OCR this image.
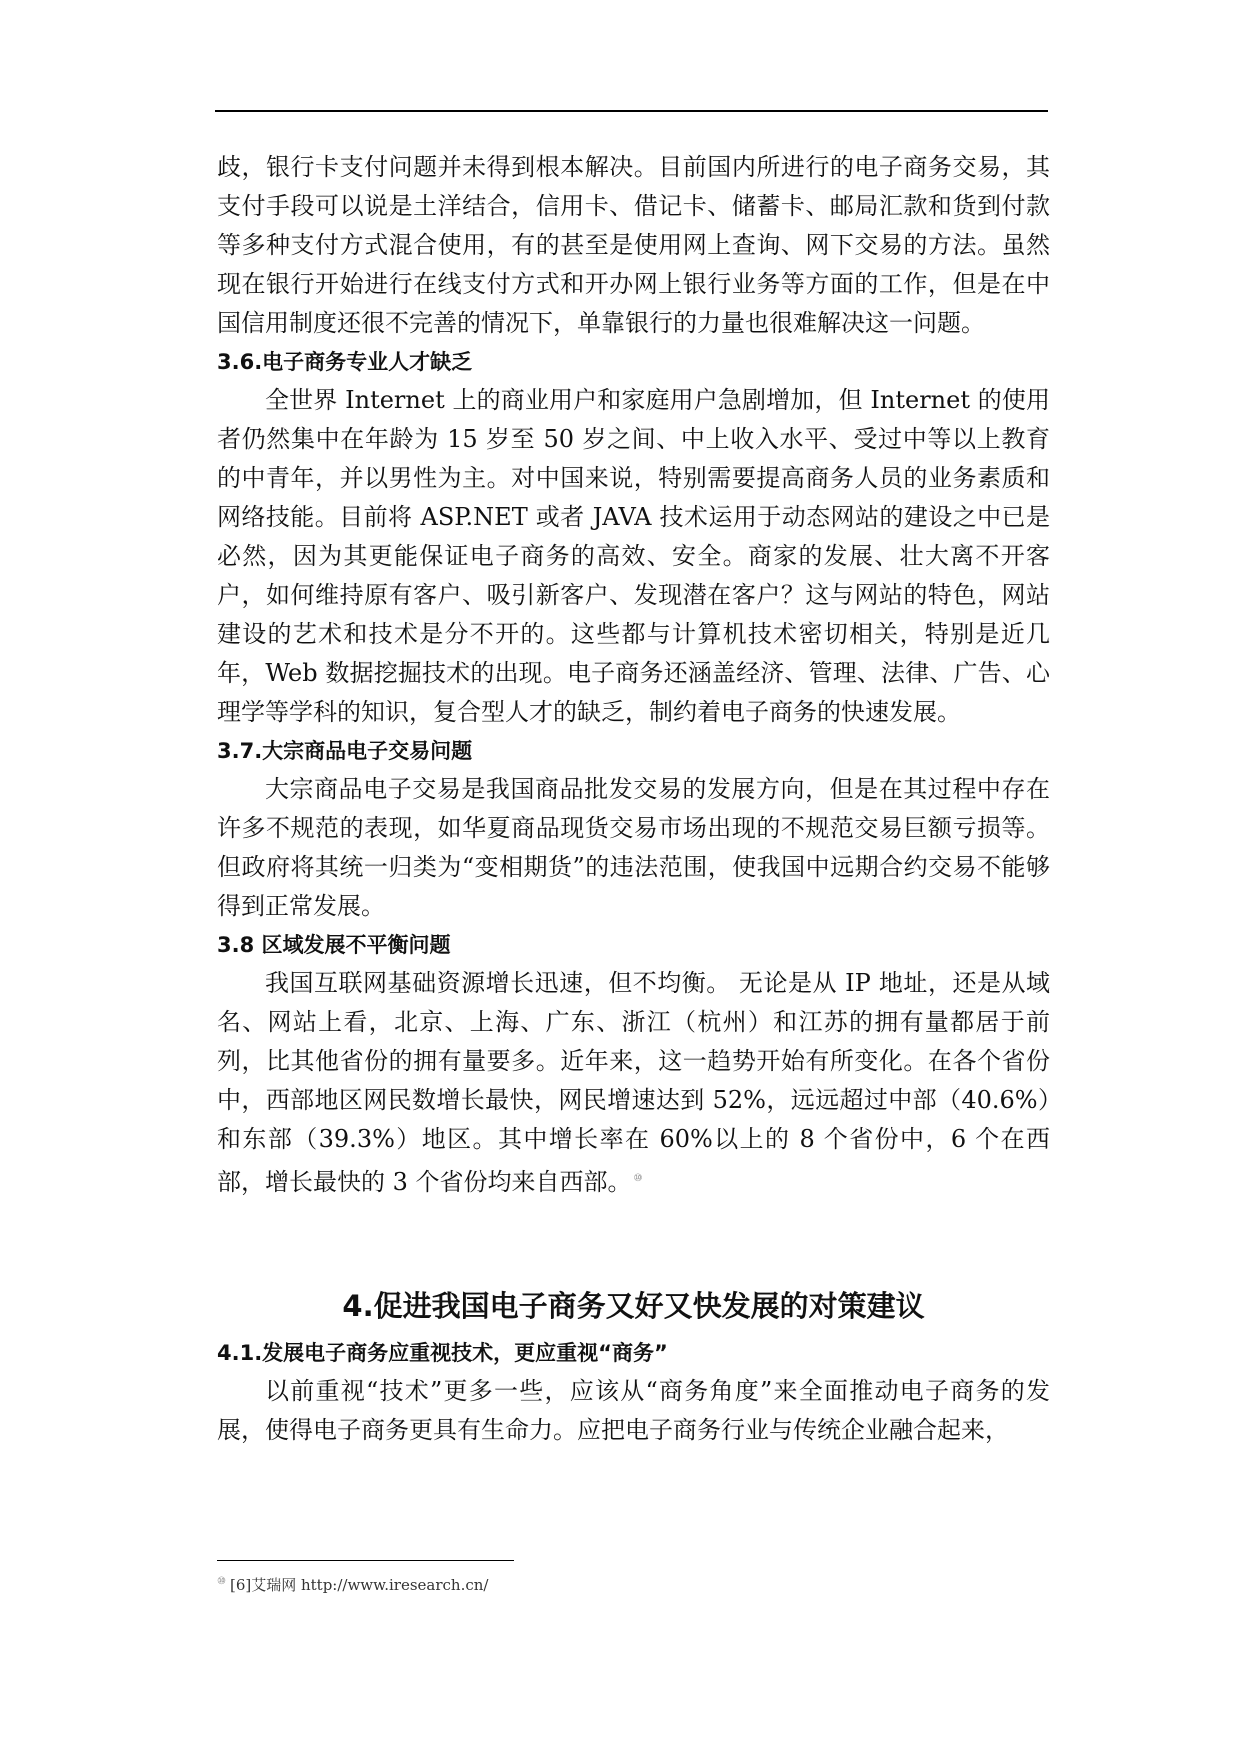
歧，银行卡支付问题并未得到根本解决。目前国内所进行的电子商务交易，其支付手段可以说是土洋结合，信用卡、借记卡、储蓄卡、邮局汇款和货到付款等多种支付方式混合使用，有的甚至是使用网上查询、网下交易的方法。虽然现在银行开始进行在线支付方式和开办网上银行业务等方面的工作，但是在中国信用制度还很不完善的情况下，单靠银行的力量也很难解决这一问题。

3.6.电子商务专业人才缺乏

全世界 Internet 上的商业用户和家庭用户急剧增加，但 Internet 的使用者仍然集中在年龄为 15 岁至 50 岁之间、中上收入水平、受过中等以上教育的中青年，并以男性为主。对中国来说，特别需要提高商务人员的业务素质和网络技能。目前将 ASP.NET 或者 JAVA 技术运用于动态网站的建设之中已是必然，因为其更能保证电子商务的高效、安全。商家的发展、壮大离不开客户，如何维持原有客户、吸引新客户、发现潜在客户？这与网站的特色，网站建设的艺术和技术是分不开的。这些都与计算机技术密切相关，特别是近几年，Web 数据挖掘技术的出现。电子商务还涵盖经济、管理、法律、广告、心理学等学科的知识，复合型人才的缺乏，制约着电子商务的快速发展。

3.7.大宗商品电子交易问题

大宗商品电子交易是我国商品批发交易的发展方向，但是在其过程中存在许多不规范的表现，如华夏商品现货交易市场出现的不规范交易巨额亏损等。但政府将其统一归类为“变相期货”的违法范围，使我国中远期合约交易不能够得到正常发展。

3.8 区域发展不平衡问题

我国互联网基础资源增长迅速，但不均衡。 无论是从 IP 地址，还是从域名、网站上看，北京、上海、广东、浙江（杭州）和江苏的拥有量都居于前列，比其他省份的拥有量要多。近年来，这一趋势开始有所变化。在各个省份中，西部地区网民数增长最快，网民增速达到 52%，远远超过中部（40.6%）和东部（39.3%）地区。其中增长率在 60%以上的 8 个省份中，6 个在西部，增长最快的 3 个省份均来自西部。 ⑩

4.促进我国电子商务又好又快发展的对策建议
4.1.发展电子商务应重视技术，更应重视“商务”

以前重视“技术”更多一些，应该从“商务角度”来全面推动电子商务的发展，使得电子商务更具有生命力。应把电子商务行业与传统企业融合起来，

⑩ [6]艾瑞网 http://www.iresearch.cn/
